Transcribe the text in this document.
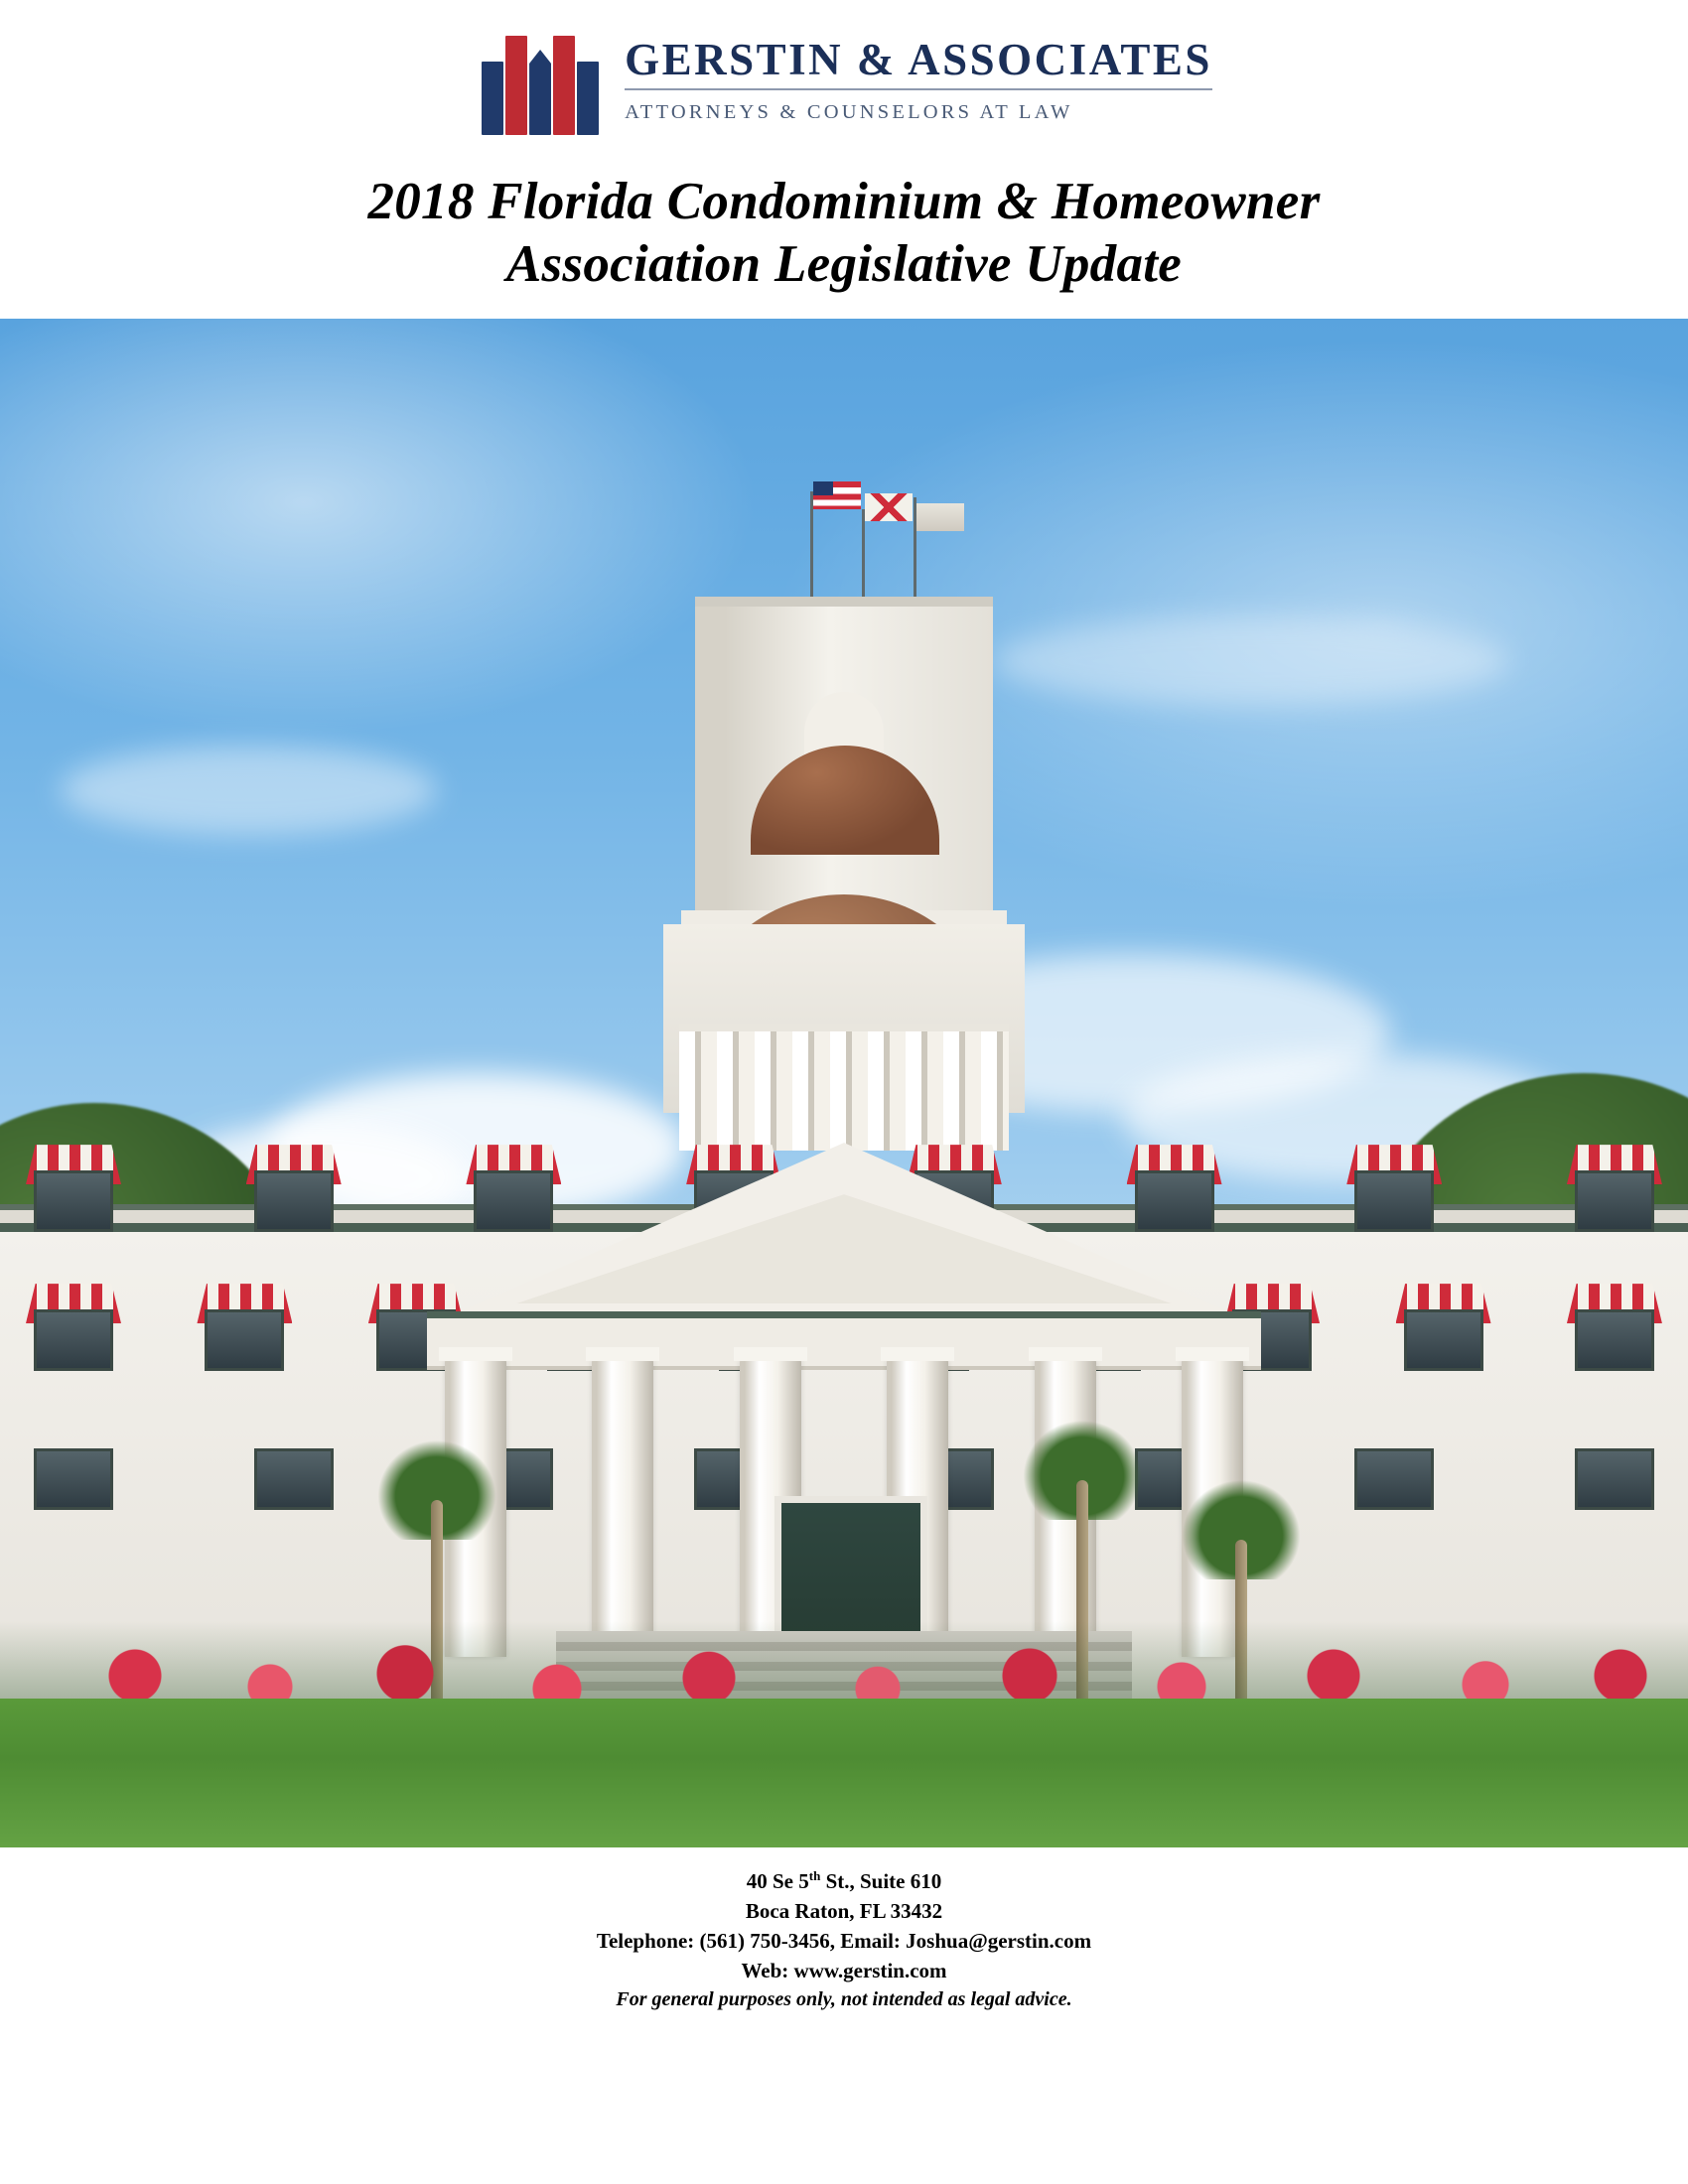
GERSTIN & ASSOCIATES
ATTORNEYS & COUNSELORS AT LAW
2018 Florida Condominium & Homeowner
Association Legislative Update
40 Se 5th St., Suite 610
Boca Raton, FL 33432
Telephone: (561) 750-3456, Email: Joshua@gerstin.com
Web: www.gerstin.com
For general purposes only, not intended as legal advice.
